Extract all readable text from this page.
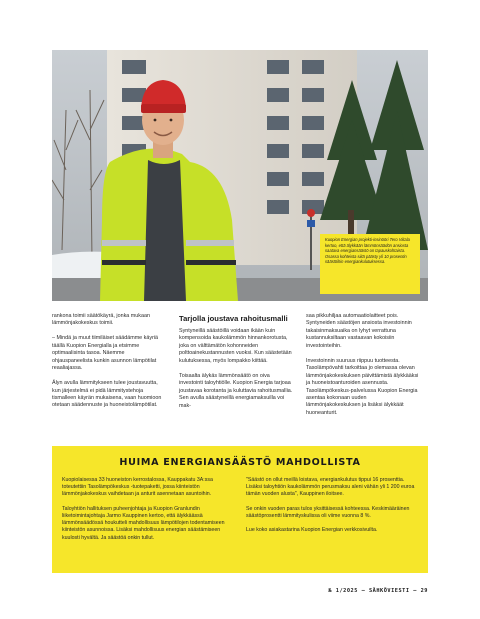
Kuopion Energian projekti-insinööri Tero Viitala kertoo, että älykkään lämmönsäädön ansiosta saatava energiansäästö on tapauskohtaista. Osassa kohteista siitä päästy yli 10 prosentin säästöihin energiankulutuksessa.

rankona toimii säätökäyrä, jonka mukaan lämmönjakokeskus toimii.

– Mindä ja muut tiimiläiset säädämme käyriä täällä Kuopion Energialla ja etsimme optimaalisinta tasoa. Näemme ohjauspaneelista kunkin asunnon lämpötilat reaaliajassa.

Älyn avulla lämmitykseen tulee joustavuutta, kun järjestelmä ei pidä lämmitystehoja tismalleen käyrän mukaisena, vaan huomioon otetaan säädennuste ja huoneistolämpötilat.

Tarjolla joustava rahoitusmalli

Syntyneillä säästöillä voidaan ikään kuin kompensoida kaukolämmön hinnankorotusta, joka on välttämätön kohonneiden polttoainekustannusten vuoksi. Kun säästetään kulutuksessa, myös lompakko kiittää.

Toisaalta älykäs lämmönsäätö on oiva investointi taloyhtiölle. Kuopion Energia tarjoaa joustavaa korotanta ja kuluttavia rahoitusmallia. Sen avulla säästyneillä energiamaksuilla voi mak-

saa pikkuhiljaa automaatiolaitteet pois. Syntyneiden säästöjen ansiosta investoinnin takaisinmaksuaika on lyhyt verrattuna kustannuksiltaan vastaavan kokoisiin investointeihin.

Investoinnin suuruus riippuu tuotteesta. Tasolämpövahti tarkoittaa jo olemassa olevan lämmönjakokeskuksen päivittämistä älykkääksi ja huoneistoanturoiden asennusta. Tasolämpökeskus-palvelussa Kuopion Energia asentaa kokonaan uuden lämmönjakokeskuksen ja lisäksi älykkäät huoneanturit.

HUIMA ENERGIANSÄÄSTÖ MAHDOLLISTA

Kuopiolaisessa 33 huoneiston kerrostalossa, Kauppakatu 3A:ssa toteutettiin Tasolämpökeskus -tuotepaketti, jossa kiinteistön lämmönjakokeskus vaihdetaan ja anturit asennetaan asuntoihin.

Taloyhtiön hallituksen puheenjohtaja ja Kuopion Granlundin liiketoimintajohtaja Jarmo Kauppinen kertoo, että älykkäässä lämmönsäädössä houkutteli mahdollisuus lämpötilojen todentamiseen kiinteistön asunnoissa. Lisäksi mahdollisuus energian säästämiseen kuulosti hyvältä. Ja säästöä onkin tullut.

"Säästö on ollut meillä loistava, energiankulutus tippui 16 prosenttia. Lisäksi taloyhtiön kaukolämmön perusmaksu aleni vähän yli 1 200 euroa tämän vuoden alusta", Kauppinen iloitsee.

Se onkin vuoden paras tulos yksittäisessä kohteessa. Keskimääräinen säästöprosentti lämmityskulissa oli viime vuonna 8 %.

Lue koko asiakastarina Kuopion Energian verkkosivuilta.

№ 1/2025 — SÄHKÖVIESTI — 29
